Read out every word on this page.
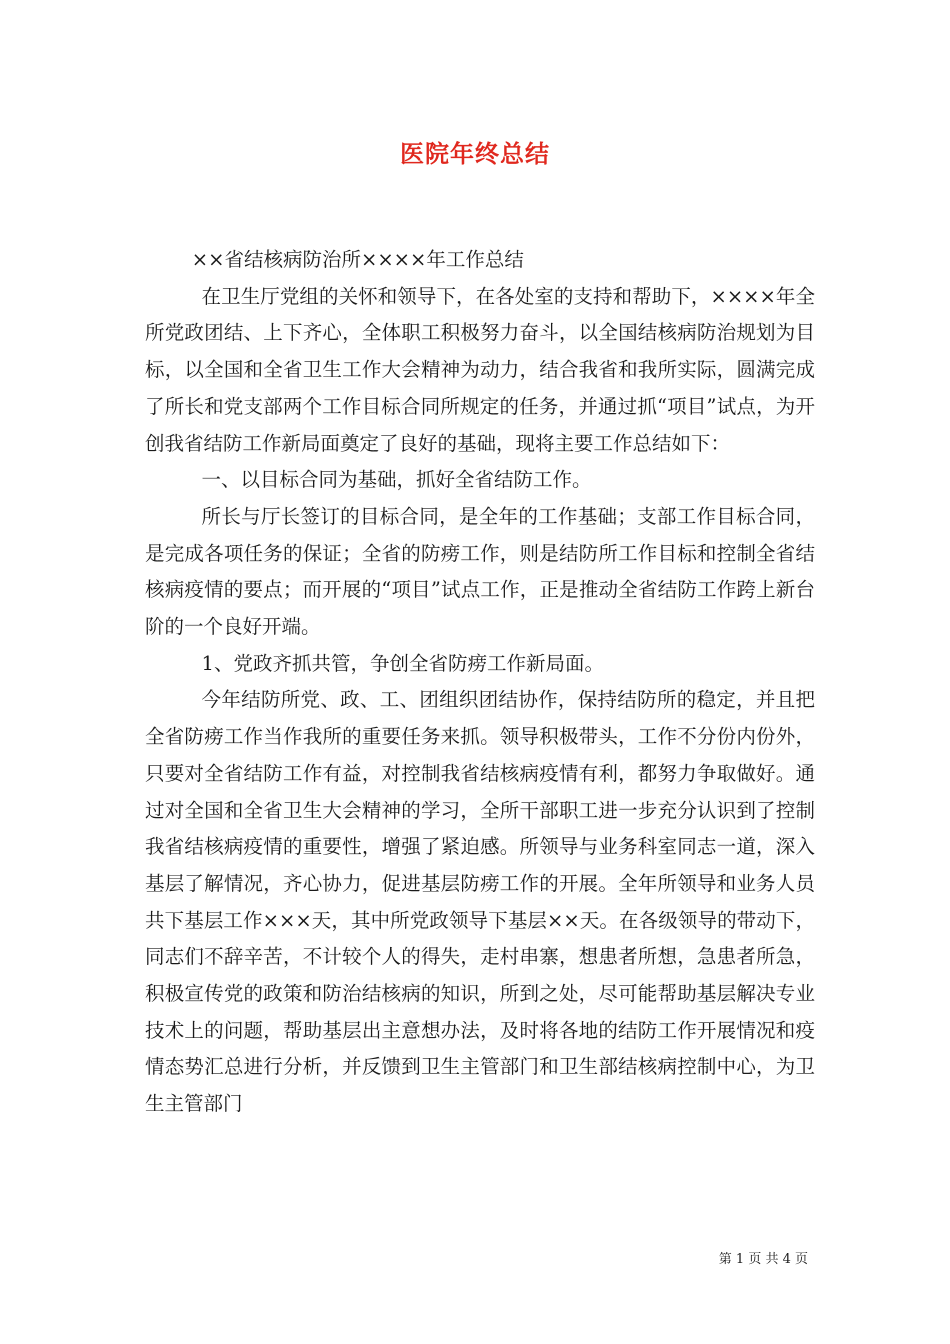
医院年终总结

××省结核病防治所××××年工作总结

在卫生厅党组的关怀和领导下，在各处室的支持和帮助下，××××年全所党政团结、上下齐心，全体职工积极努力奋斗，以全国结核病防治规划为目标，以全国和全省卫生工作大会精神为动力，结合我省和我所实际，圆满完成了所长和党支部两个工作目标合同所规定的任务，并通过抓“项目”试点，为开创我省结防工作新局面奠定了良好的基础，现将主要工作总结如下：

一、以目标合同为基础，抓好全省结防工作。

所长与厅长签订的目标合同，是全年的工作基础；支部工作目标合同，是完成各项任务的保证；全省的防痨工作，则是结防所工作目标和控制全省结核病疫情的要点；而开展的“项目”试点工作，正是推动全省结防工作跨上新台阶的一个良好开端。

1、党政齐抓共管，争创全省防痨工作新局面。

今年结防所党、政、工、团组织团结协作，保持结防所的稳定，并且把全省防痨工作当作我所的重要任务来抓。领导积极带头，工作不分份内份外，只要对全省结防工作有益，对控制我省结核病疫情有利，都努力争取做好。通过对全国和全省卫生大会精神的学习，全所干部职工进一步充分认识到了控制我省结核病疫情的重要性，增强了紧迫感。所领导与业务科室同志一道，深入基层了解情况，齐心协力，促进基层防痨工作的开展。全年所领导和业务人员共下基层工作×××天，其中所党政领导下基层××天。在各级领导的带动下，同志们不辞辛苦，不计较个人的得失，走村串寨，想患者所想，急患者所急，积极宣传党的政策和防治结核病的知识，所到之处，尽可能帮助基层解决专业技术上的问题，帮助基层出主意想办法，及时将各地的结防工作开展情况和疫情态势汇总进行分析，并反馈到卫生主管部门和卫生部结核病控制中心，为卫生主管部门

第 1 页 共 4 页
